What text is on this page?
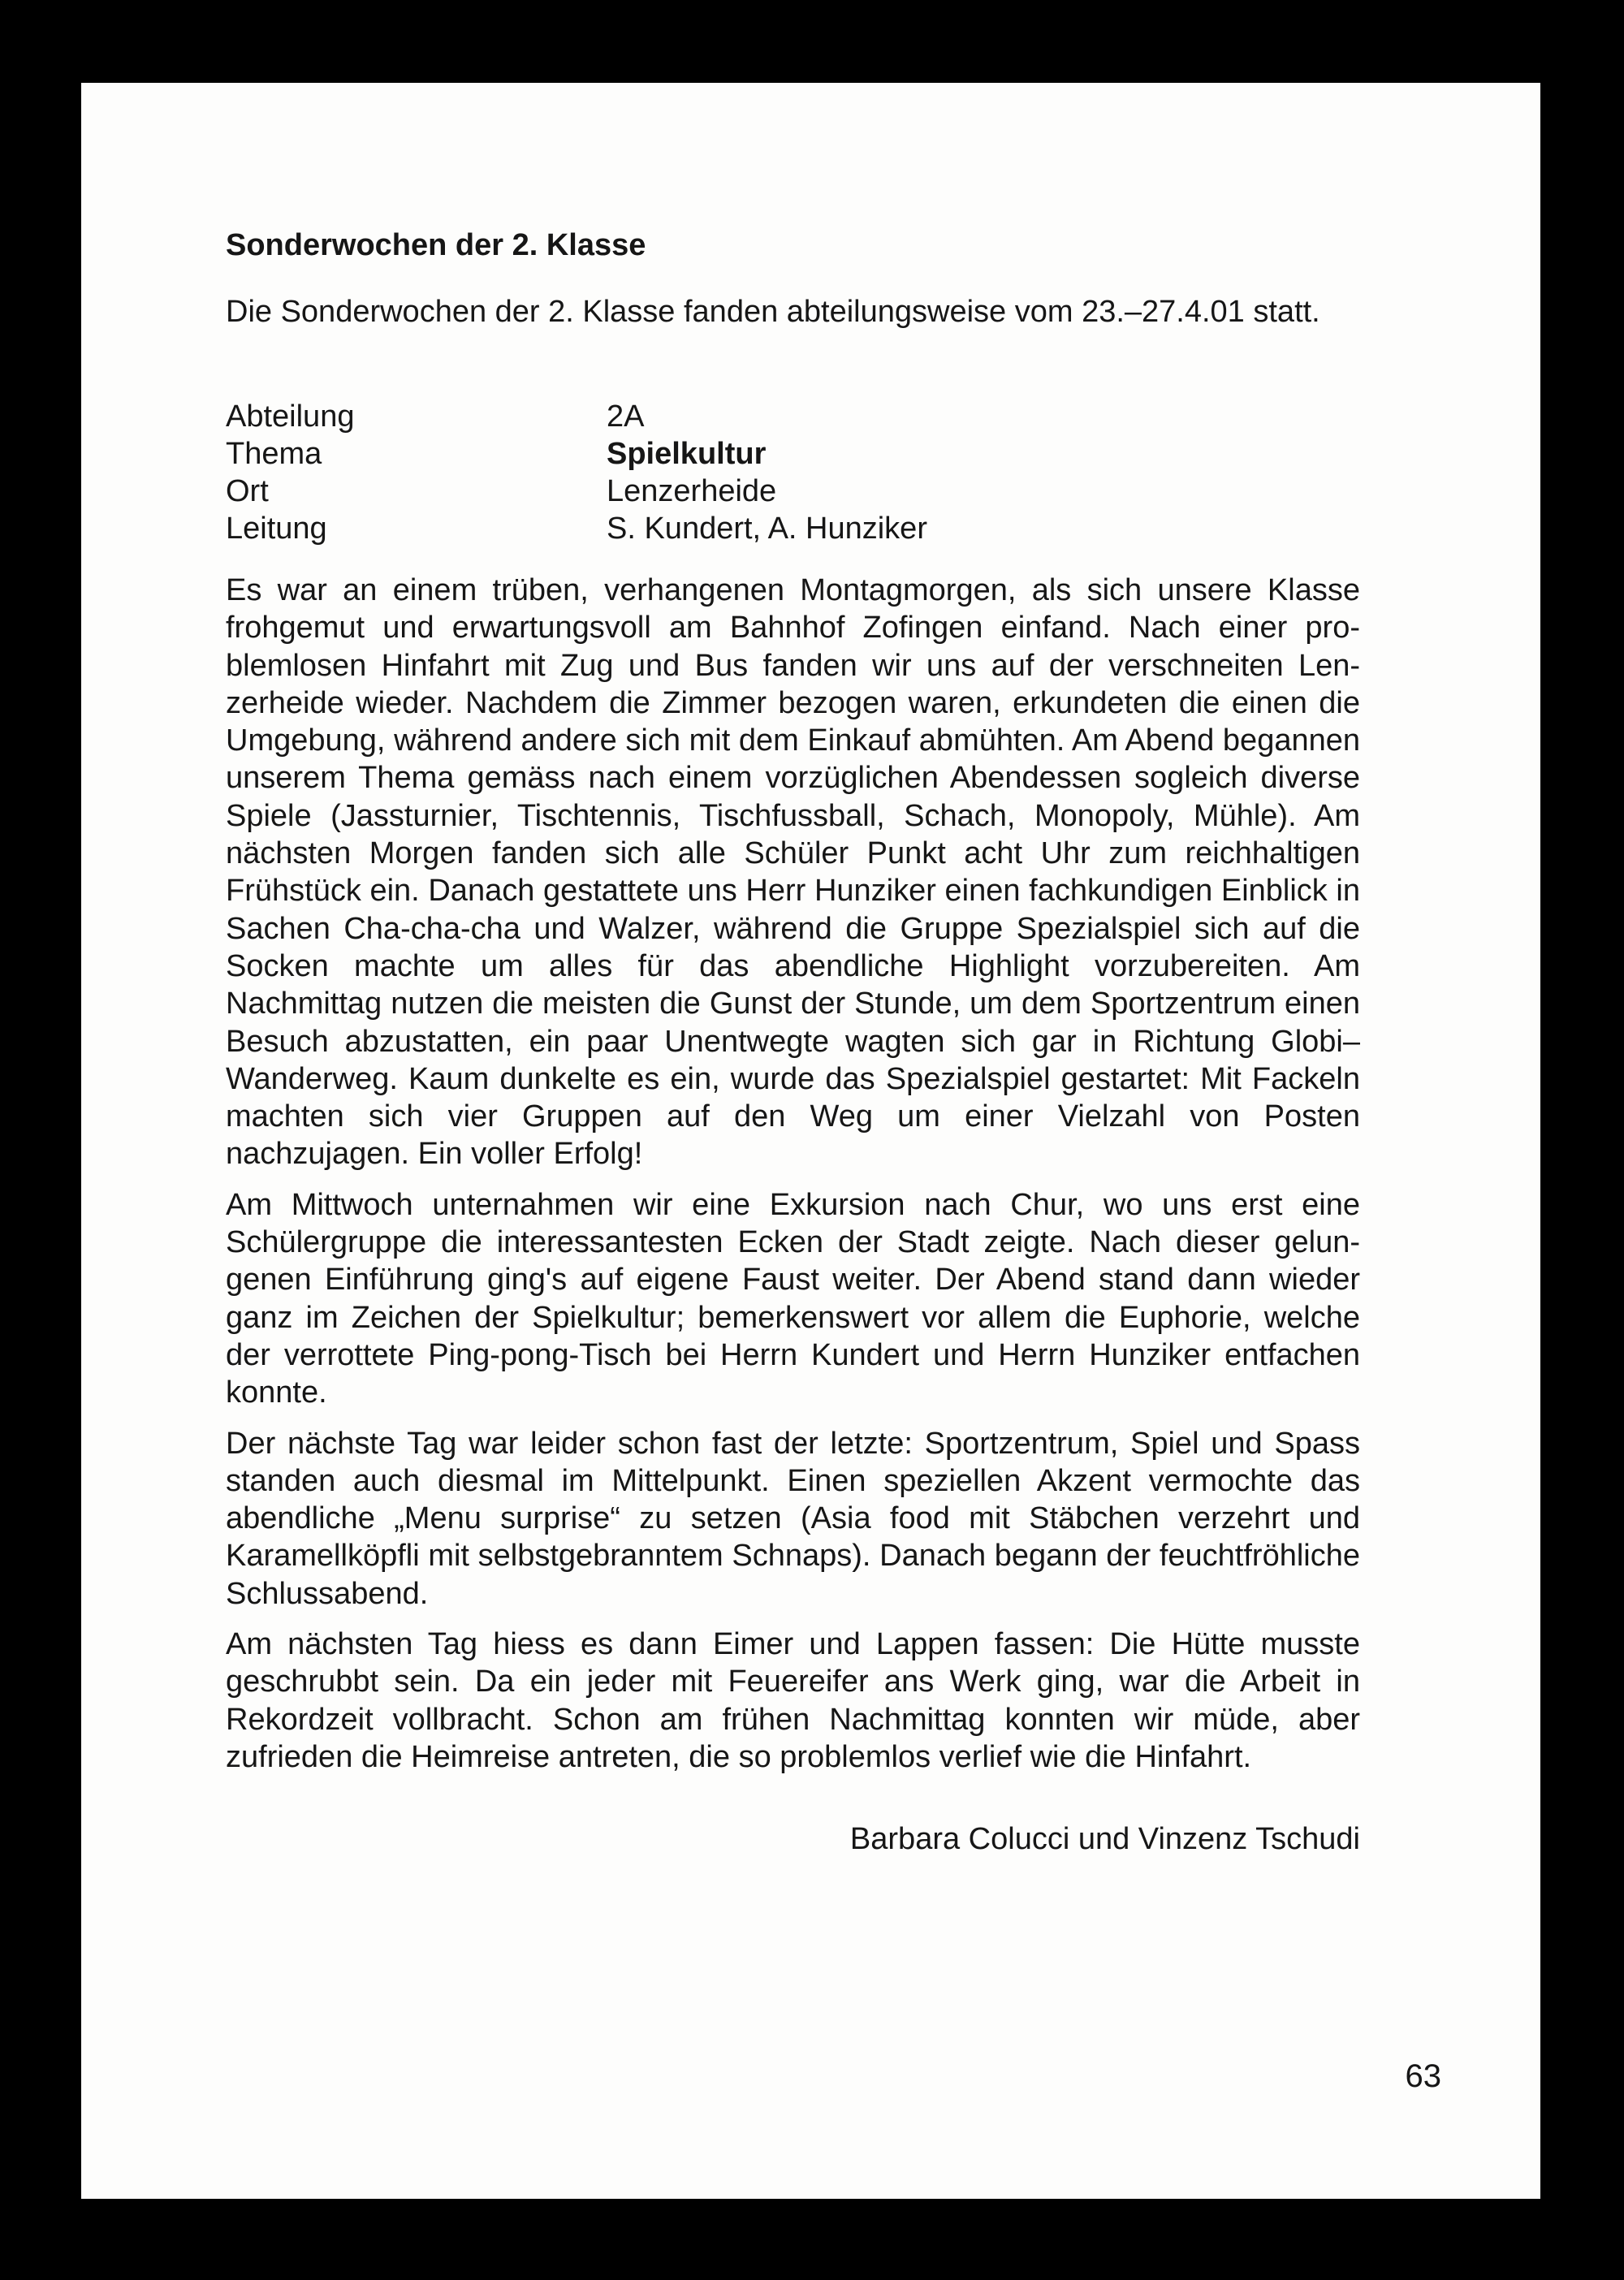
Sonderwochen der 2. Klasse

Die Sonderwochen der 2. Klasse fanden abteilungsweise vom 23.–27.4.01 statt.

Abteilung	2A
Thema	Spielkultur
Ort	Lenzerheide
Leitung	S. Kundert, A. Hunziker

Es war an einem trüben, verhangenen Montagmorgen, als sich unsere Klasse frohgemut und erwartungsvoll am Bahnhof Zofingen einfand. Nach einer problemlosen Hinfahrt mit Zug und Bus fanden wir uns auf der verschneiten Lenzerheide wieder. Nachdem die Zimmer bezogen waren, erkundeten die einen die Umgebung, während andere sich mit dem Einkauf abmühten. Am Abend begannen unserem Thema gemäss nach einem vorzüglichen Abendessen sogleich diverse Spiele (Jassturnier, Tischtennis, Tischfussball, Schach, Monopoly, Mühle). Am nächsten Morgen fanden sich alle Schüler Punkt acht Uhr zum reichhaltigen Frühstück ein. Danach gestattete uns Herr Hunziker einen fachkundigen Einblick in Sachen Cha-cha-cha und Walzer, während die Gruppe Spezialspiel sich auf die Socken machte um alles für das abendliche Highlight vorzubereiten. Am Nachmittag nutzen die meisten die Gunst der Stunde, um dem Sportzentrum einen Besuch abzustatten, ein paar Unentwegte wagten sich gar in Richtung Globi–Wanderweg. Kaum dunkelte es ein, wurde das Spezialspiel gestartet: Mit Fackeln machten sich vier Gruppen auf den Weg um einer Vielzahl von Posten nachzujagen. Ein voller Erfolg!

Am Mittwoch unternahmen wir eine Exkursion nach Chur, wo uns erst eine Schülergruppe die interessantesten Ecken der Stadt zeigte. Nach dieser gelungenen Einführung ging's auf eigene Faust weiter. Der Abend stand dann wieder ganz im Zeichen der Spielkultur; bemerkenswert vor allem die Euphorie, welche der verrottete Ping-pong-Tisch bei Herrn Kundert und Herrn Hunziker entfachen konnte.

Der nächste Tag war leider schon fast der letzte: Sportzentrum, Spiel und Spass standen auch diesmal im Mittelpunkt. Einen speziellen Akzent vermochte das abendliche „Menu surprise“ zu setzen (Asia food mit Stäbchen verzehrt und Karamellköpfli mit selbstgebranntem Schnaps). Danach begann der feuchtfröhliche Schlussabend.

Am nächsten Tag hiess es dann Eimer und Lappen fassen: Die Hütte musste geschrubbt sein. Da ein jeder mit Feuereifer ans Werk ging, war die Arbeit in Rekordzeit vollbracht. Schon am frühen Nachmittag konnten wir müde, aber zufrieden die Heimreise antreten, die so problemlos verlief wie die Hinfahrt.

Barbara Colucci und Vinzenz Tschudi
63
